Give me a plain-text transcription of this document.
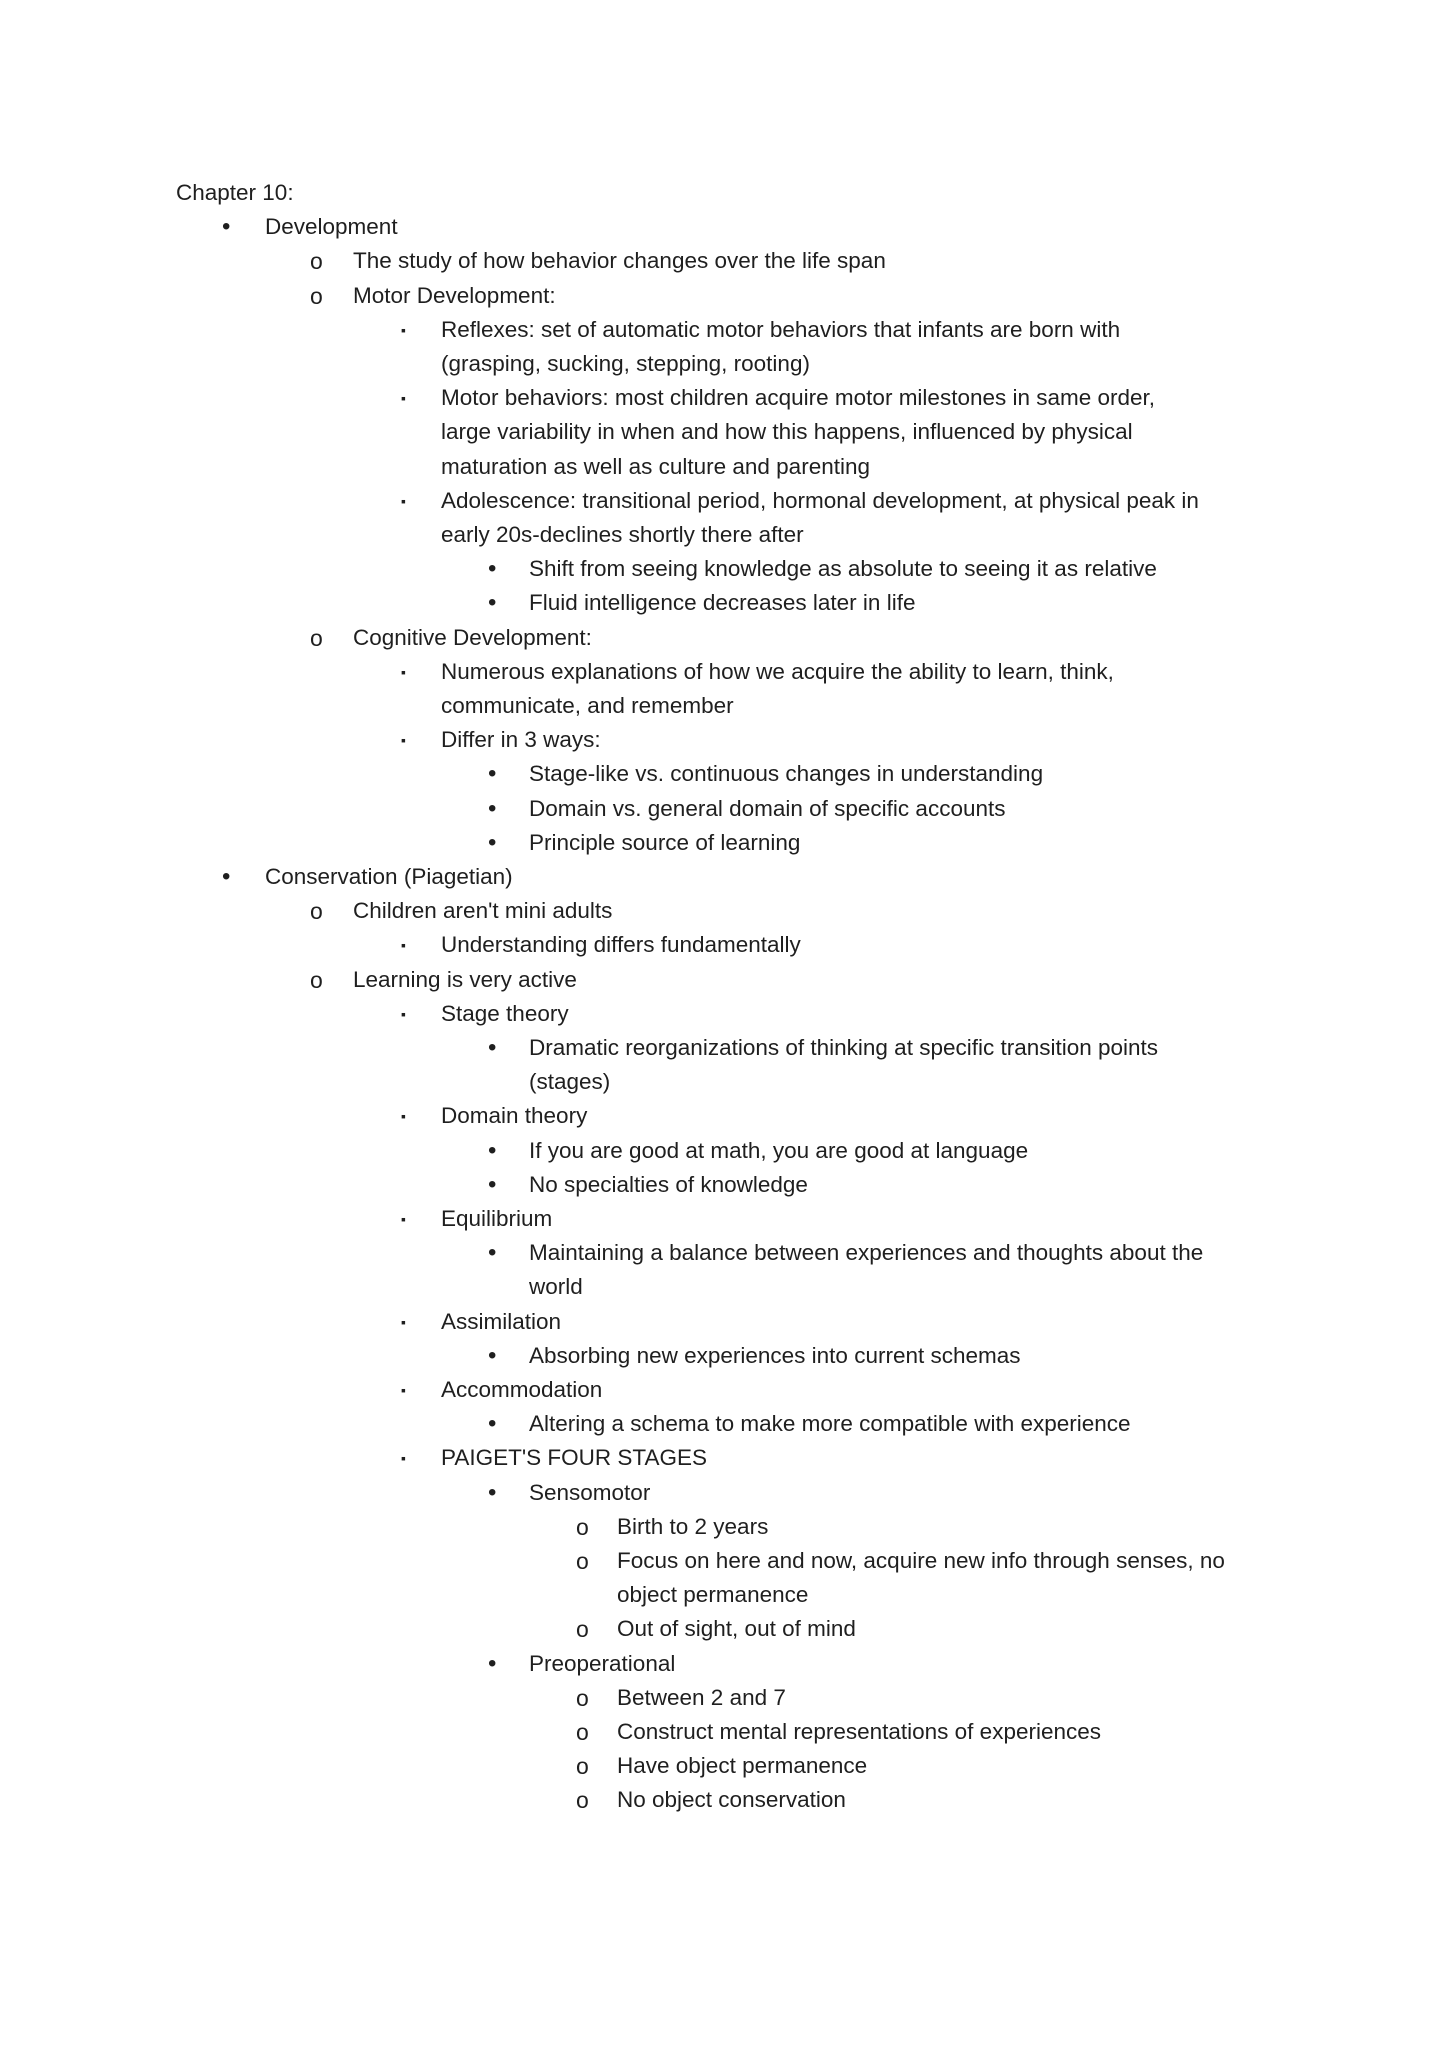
Chapter 10:
• Development
o The study of how behavior changes over the life span
o Motor Development:
▪ Reflexes: set of automatic motor behaviors that infants are born with
(grasping, sucking, stepping, rooting)
▪ Motor behaviors: most children acquire motor milestones in same order,
large variability in when and how this happens, influenced by physical
maturation as well as culture and parenting
▪ Adolescence: transitional period, hormonal development, at physical peak in
early 20s-declines shortly there after
• Shift from seeing knowledge as absolute to seeing it as relative
• Fluid intelligence decreases later in life
o Cognitive Development:
▪ Numerous explanations of how we acquire the ability to learn, think,
communicate, and remember
▪ Differ in 3 ways:
• Stage-like vs. continuous changes in understanding
• Domain vs. general domain of specific accounts
• Principle source of learning
• Conservation (Piagetian)
o Children aren't mini adults
▪ Understanding differs fundamentally
o Learning is very active
▪ Stage theory
• Dramatic reorganizations of thinking at specific transition points
(stages)
▪ Domain theory
• If you are good at math, you are good at language
• No specialties of knowledge
▪ Equilibrium
• Maintaining a balance between experiences and thoughts about the
world
▪ Assimilation
• Absorbing new experiences into current schemas
▪ Accommodation
• Altering a schema to make more compatible with experience
▪ PAIGET'S FOUR STAGES
• Sensomotor
o Birth to 2 years
o Focus on here and now, acquire new info through senses, no
object permanence
o Out of sight, out of mind
• Preoperational
o Between 2 and 7
o Construct mental representations of experiences
o Have object permanence
o No object conservation
